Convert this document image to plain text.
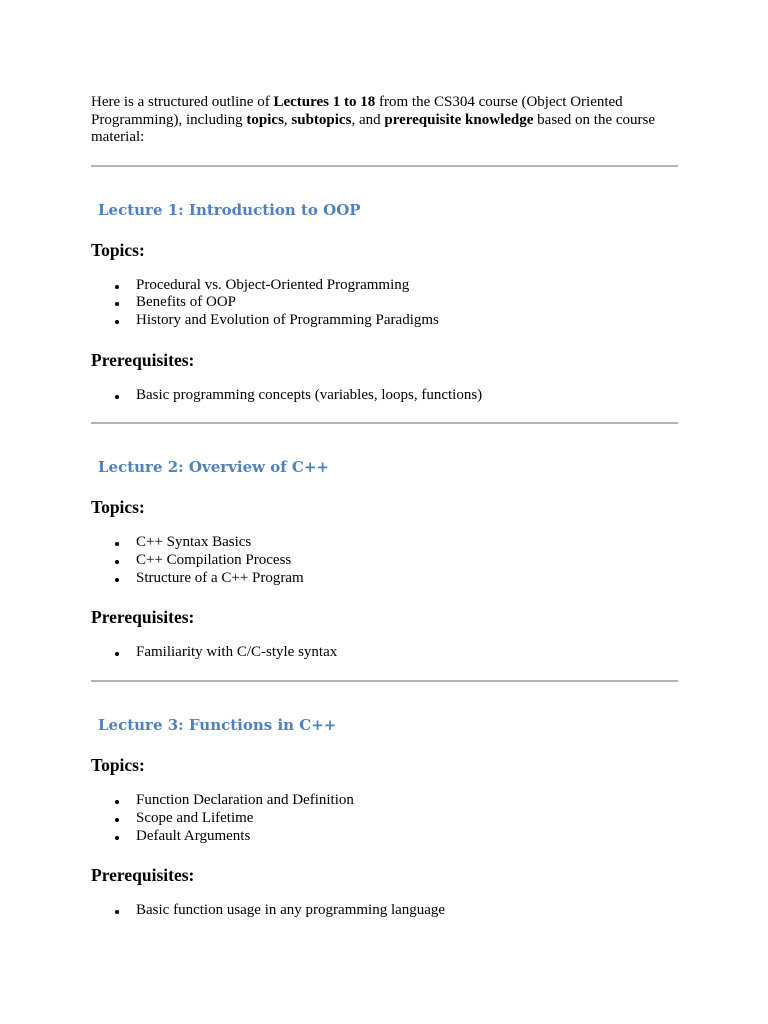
Here is a structured outline of Lectures 1 to 18 from the CS304 course (Object Oriented Programming), including topics, subtopics, and prerequisite knowledge based on the course material:

Lecture 1: Introduction to OOP
Topics:
Procedural vs. Object-Oriented Programming
Benefits of OOP
History and Evolution of Programming Paradigms
Prerequisites:
Basic programming concepts (variables, loops, functions)
Lecture 2: Overview of C++
Topics:
C++ Syntax Basics
C++ Compilation Process
Structure of a C++ Program
Prerequisites:
Familiarity with C/C-style syntax
Lecture 3: Functions in C++
Topics:
Function Declaration and Definition
Scope and Lifetime
Default Arguments
Prerequisites:
Basic function usage in any programming language
